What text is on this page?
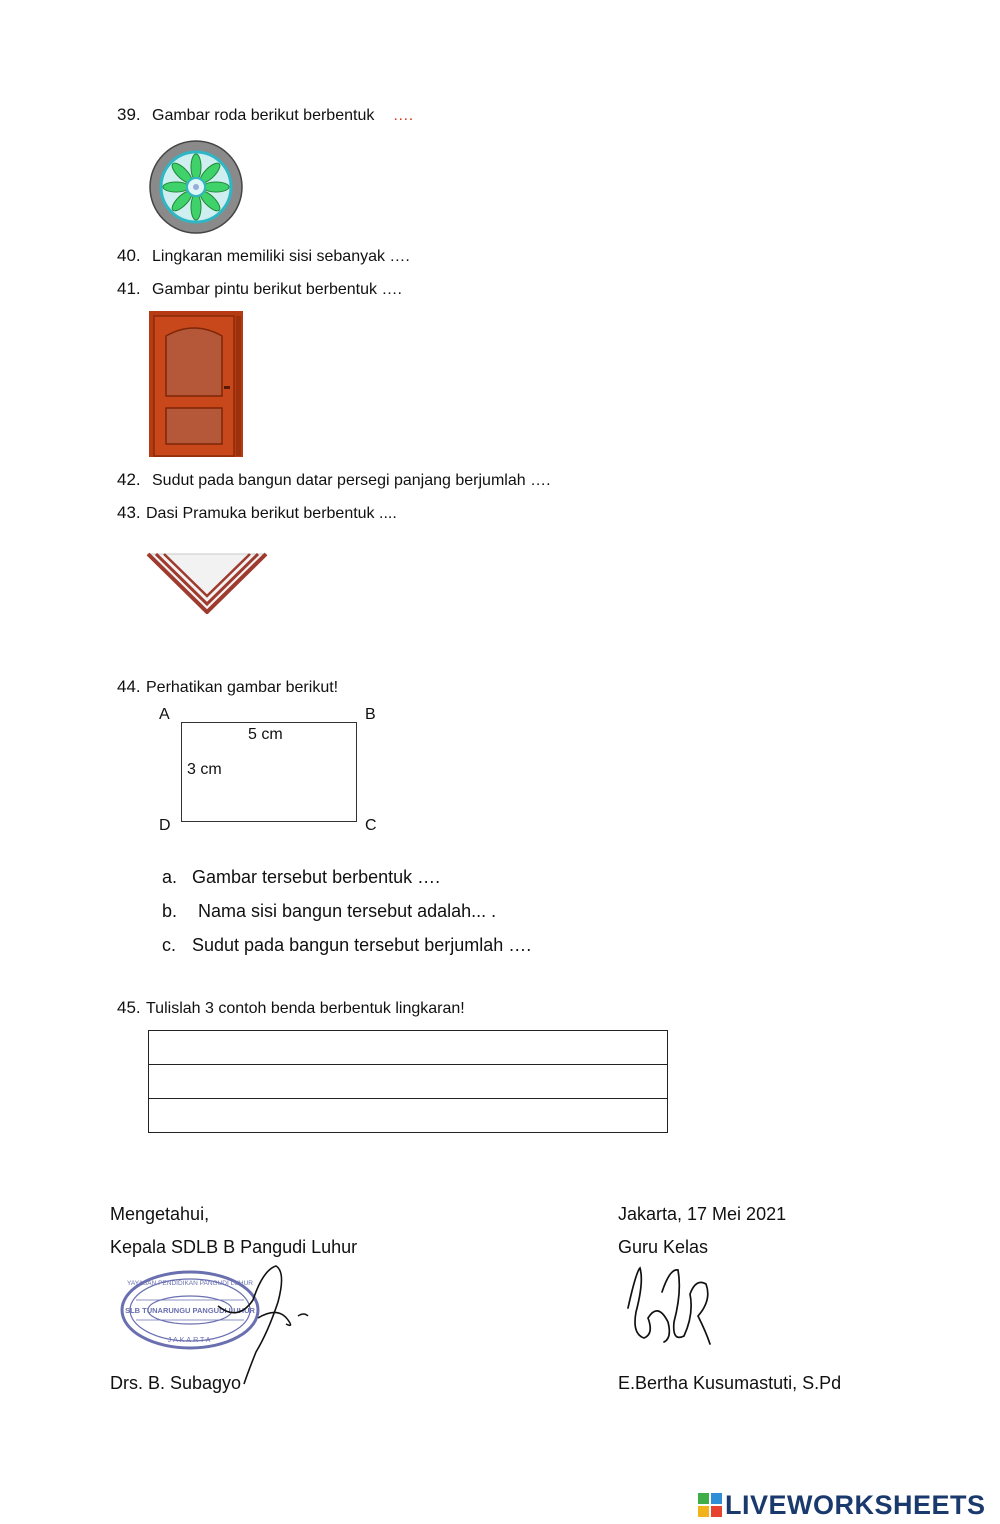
39. Gambar roda berikut berbentuk ….
40. Lingkaran memiliki sisi sebanyak ….
41. Gambar pintu berikut berbentuk ….
42. Sudut pada bangun datar persegi panjang berjumlah ….
43. Dasi Pramuka berikut berbentuk ....
44. Perhatikan gambar berikut!
A	B
C
D
5 cm
3 cm
a. Gambar tersebut berbentuk ….
b. Nama sisi bangun tersebut adalah... .
c. Sudut pada bangun tersebut berjumlah ….
45. Tulislah 3 contoh benda berbentuk lingkaran!

Mengetahui,
Kepala SDLB B Pangudi Luhur
Jakarta, 17 Mei 2021
Guru Kelas
YAYASAN PENDIDIKAN PANGUDI LUHUR
SLB TUNARUNGU PANGUDI LUHUR
JAKARTA
Drs. B. Subagyo	E.Bertha Kusumastuti, S.Pd
LIVEWORKSHEETS
